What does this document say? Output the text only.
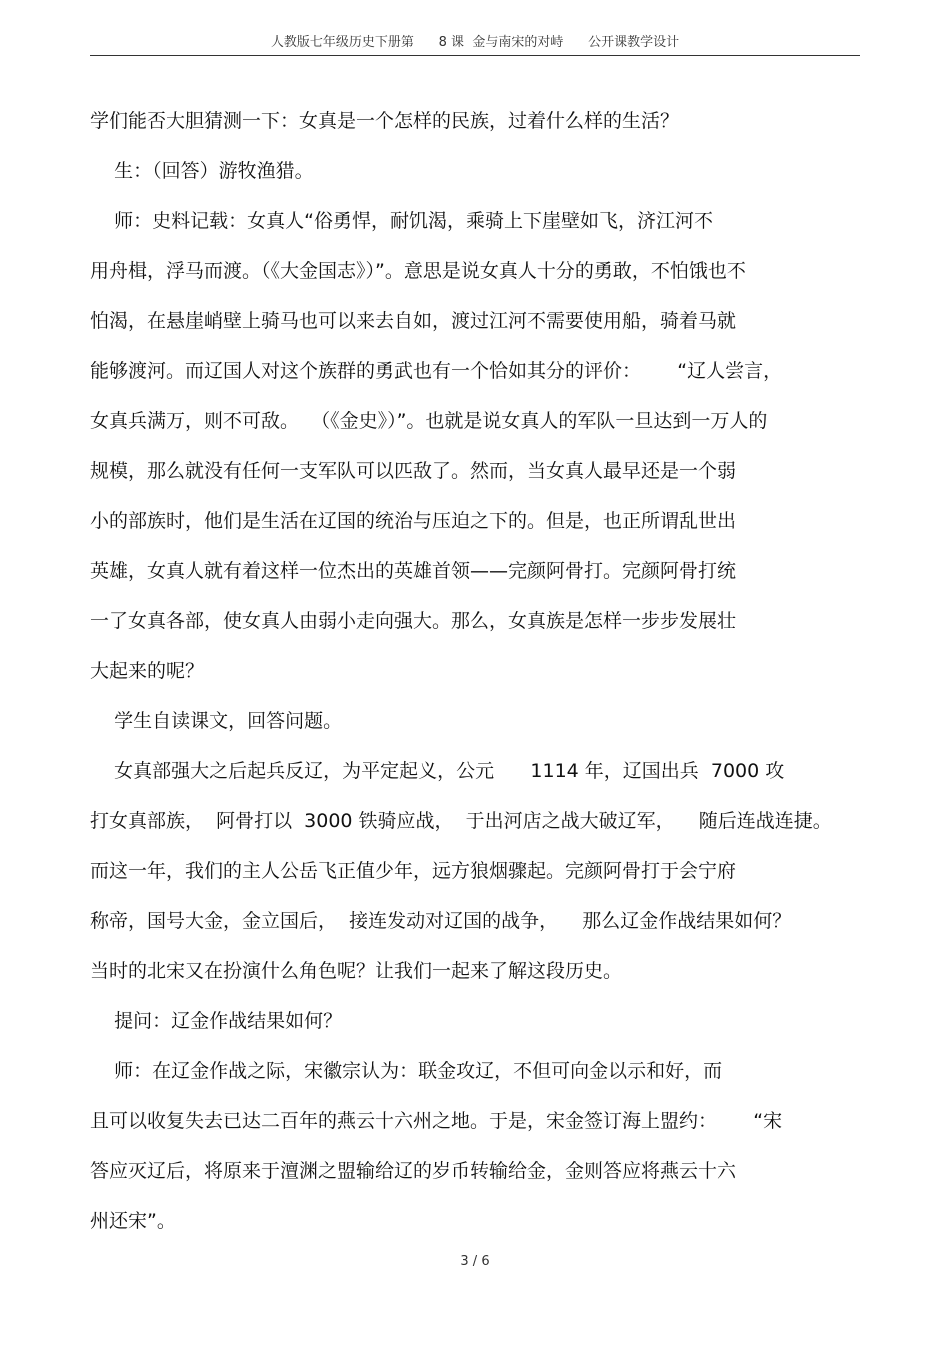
人教版七年级历史下册第      8 课  金与南宋的对峙      公开课教学设计
学们能否大胆猜测一下：女真是一个怎样的民族，过着什么样的生活？
生：（回答）游牧渔猎。
师：史料记载：女真人“俗勇悍，耐饥渴，乘骑上下崖壁如飞，济江河不
用舟楫，浮马而渡。（《大金国志》）”。意思是说女真人十分的勇敢，不怕饿也不
怕渴，在悬崖峭壁上骑马也可以来去自如，渡过江河不需要使用船，骑着马就
能够渡河。而辽国人对这个族群的勇武也有一个恰如其分的评价：      “辽人尝言，
女真兵满万，则不可敌。  （《金史》）”。也就是说女真人的军队一旦达到一万人的
规模，那么就没有任何一支军队可以匹敌了。然而，当女真人最早还是一个弱
小的部族时，他们是生活在辽国的统治与压迫之下的。但是，也正所谓乱世出
英雄，女真人就有着这样一位杰出的英雄首领——完颜阿骨打。完颜阿骨打统
一了女真各部，使女真人由弱小走向强大。那么，女真族是怎样一步步发展壮
大起来的呢？
学生自读课文，回答问题。
女真部强大之后起兵反辽，为平定起义，公元      1114 年，辽国出兵  7000 攻
打女真部族，  阿骨打以  3000 铁骑应战，  于出河店之战大破辽军，    随后连战连捷。
而这一年，我们的主人公岳飞正值少年，远方狼烟骤起。完颜阿骨打于会宁府
称帝，国号大金，金立国后，  接连发动对辽国的战争，    那么辽金作战结果如何？
当时的北宋又在扮演什么角色呢？让我们一起来了解这段历史。
提问：辽金作战结果如何？
师：在辽金作战之际，宋徽宗认为：联金攻辽，不但可向金以示和好，而
且可以收复失去已达二百年的燕云十六州之地。于是，宋金签订海上盟约：      “宋
答应灭辽后，将原来于澶渊之盟输给辽的岁币转输给金，金则答应将燕云十六
州还宋”。
3 / 6
